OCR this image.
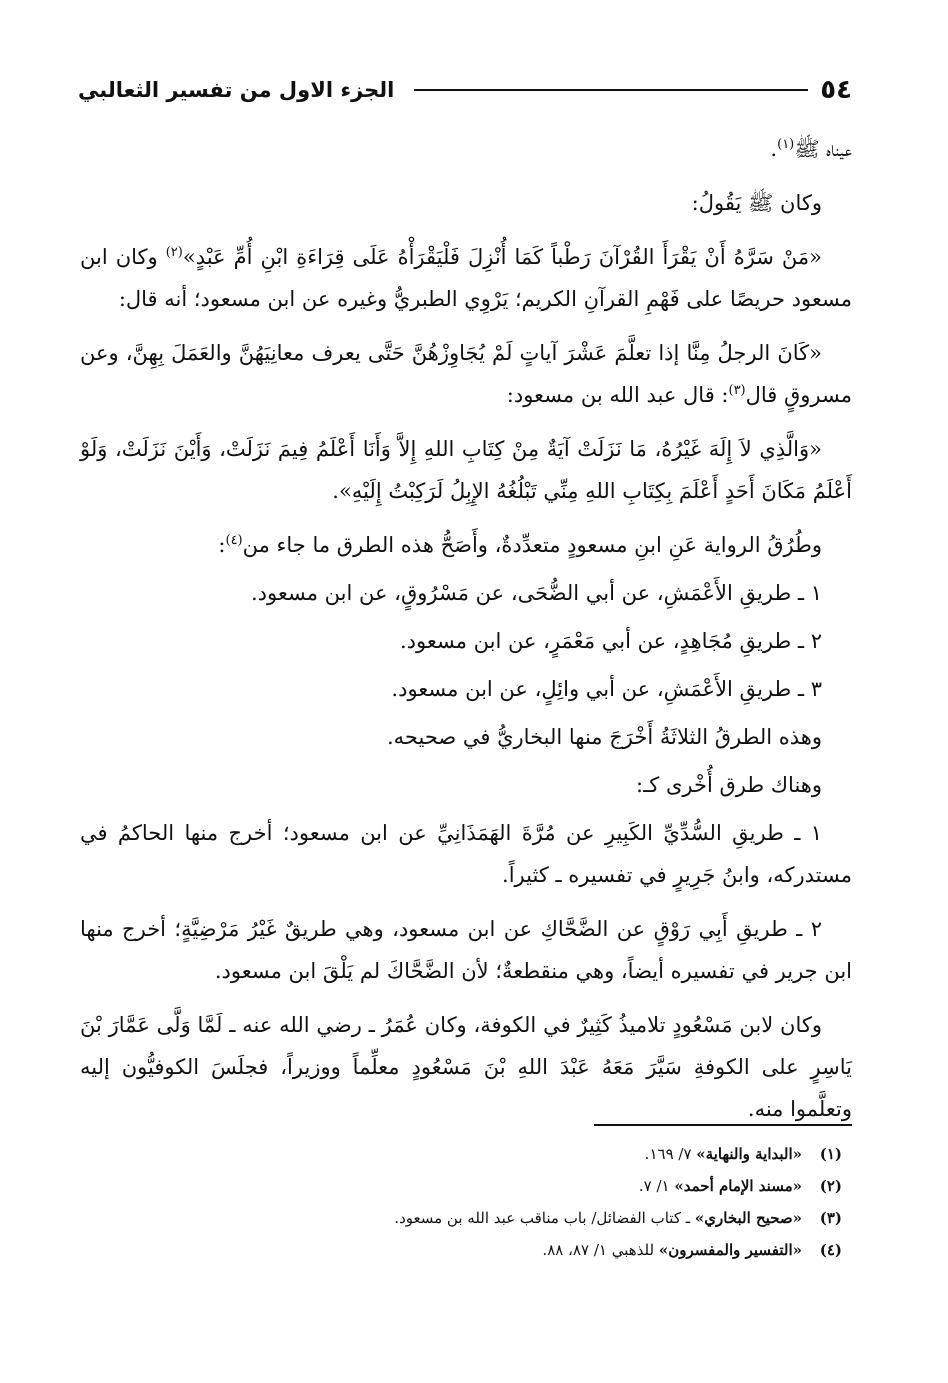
٥٤
الجزء الاول من تفسير الثعالبي

عيناه ﷺ$^{(١)}$.

وكان ﷺ يَقُولُ:

«مَنْ سَرَّهُ أَنْ يَقْرَأَ القُرْآنَ رَطْباً كَمَا أُنْزِلَ فَلْيَقْرَأْهُ عَلَى قِرَاءَةِ ابْنِ أُمِّ عَبْدٍ»$^{(٢)}$ وكان ابن مسعود حريصًا على فَهْمِ القرآنِ الكريم؛ يَرْوِي الطبريُّ وغيره عن ابن مسعود؛ أنه قال:

«كَانَ الرجلُ مِنَّا إذا تعلَّمَ عَشْرَ آياتٍ لَمْ يُجَاوِزْهُنَّ حَتَّى يعرف معانِيَهُنَّ والعَمَلَ بِهِنَّ، وعن مسروقٍ قال$^{(٣)}$: قال عبد الله بن مسعود:

«وَالَّذِي لاَ إِلَهَ غَيْرُهُ، مَا نَزَلَتْ آيَةٌ مِنْ كِتَابِ اللهِ إِلاَّ وَأَنَا أَعْلَمُ فِيمَ نَزَلَتْ، وَأَيْنَ نَزَلَتْ، وَلَوْ أَعْلَمُ مَكَانَ أَحَدٍ أَعْلَمَ بِكِتَابِ اللهِ مِنِّي تَبْلُغُهُ الإِبِلُ لَرَكِبْتُ إِلَيْهِ».

وطُرُقُ الرواية عَنِ ابنِ مسعودٍ متعدِّدةٌ، وأَصَحُّ هذه الطرق ما جاء من$^{(٤)}$:

١ ـ طريقِ الأَعْمَشِ، عن أبي الضُّحَى، عن مَسْرُوقٍ، عن ابن مسعود.

٢ ـ طريقِ مُجَاهِدٍ، عن أبي مَعْمَرٍ، عن ابن مسعود.

٣ ـ طريقِ الأَعْمَشِ، عن أبي وائِلٍ، عن ابن مسعود.

وهذه الطرقُ الثلاثَةُ أَخْرَجَ منها البخاريُّ في صحيحه.

وهناك طرق أُخْرى كـ:

١ ـ طريقِ السُّدِّيِّ الكَبِيرِ عن مُرَّةَ الهَمَذَانِيِّ عن ابن مسعود؛ أخرج منها الحاكمُ في مستدركه، وابنُ جَرِيرٍ في تفسيره ـ كثيراً.

٢ ـ طريقِ أَبِي رَوْقٍ عن الضَّحَّاكِ عن ابن مسعود، وهي طريقٌ غَيْرُ مَرْضِيَّةٍ؛ أخرج منها ابن جرير في تفسيره أيضاً، وهي منقطعةٌ؛ لأن الضَّحَّاكَ لم يَلْقَ ابن مسعود.

وكان لابن مَسْعُودٍ تلاميذُ كَثِيرٌ في الكوفة، وكان عُمَرُ ـ رضي الله عنه ـ لَمَّا وَلَّى عَمَّارَ بْنَ يَاسِرٍ على الكوفةِ سَيَّرَ مَعَهُ عَبْدَ اللهِ بْنَ مَسْعُودٍ معلِّماً ووزيراً، فجلَسَ الكوفيُّون إليه وتعلَّموا منه.

(١)
«البداية والنهاية» ٧/ ١٦٩.
(٢)
«مسند الإمام أحمد» ١/ ٧.
(٣)
«صحيح البخاري» ـ كتاب الفضائل/ باب مناقب عبد الله بن مسعود.
(٤)
«التفسير والمفسرون» للذهبي ١/ ٨٧، ٨٨.
